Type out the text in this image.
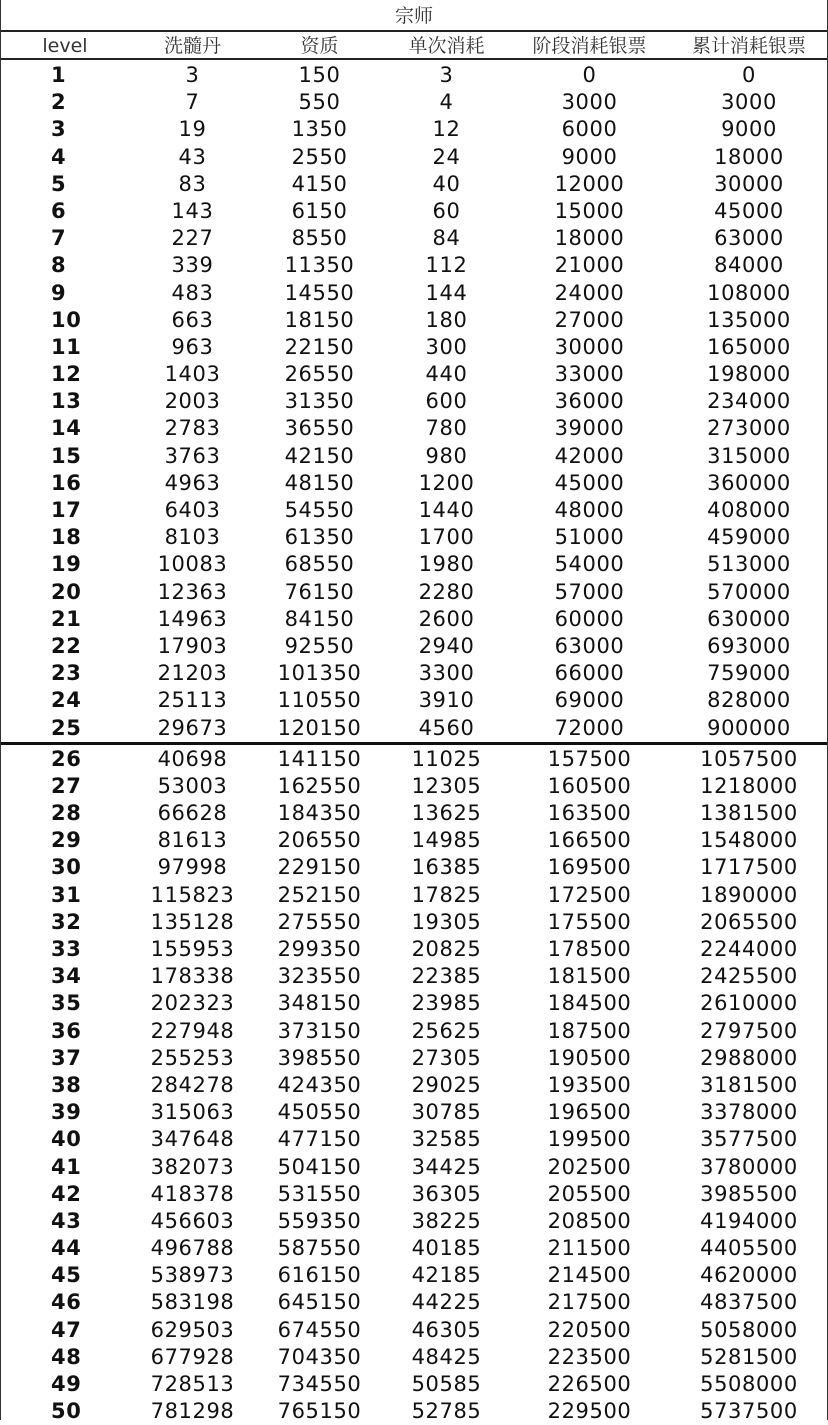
宗师
level	洗髓丹	资质	单次消耗	阶段消耗银票	累计消耗银票
1	3	150	3	0	0
2	7	550	4	3000	3000
3	19	1350	12	6000	9000
4	43	2550	24	9000	18000
5	83	4150	40	12000	30000
6	143	6150	60	15000	45000
7	227	8550	84	18000	63000
8	339	11350	112	21000	84000
9	483	14550	144	24000	108000
10	663	18150	180	27000	135000
11	963	22150	300	30000	165000
12	1403	26550	440	33000	198000
13	2003	31350	600	36000	234000
14	2783	36550	780	39000	273000
15	3763	42150	980	42000	315000
16	4963	48150	1200	45000	360000
17	6403	54550	1440	48000	408000
18	8103	61350	1700	51000	459000
19	10083	68550	1980	54000	513000
20	12363	76150	2280	57000	570000
21	14963	84150	2600	60000	630000
22	17903	92550	2940	63000	693000
23	21203	101350	3300	66000	759000
24	25113	110550	3910	69000	828000
25	29673	120150	4560	72000	900000
26	40698	141150	11025	157500	1057500
27	53003	162550	12305	160500	1218000
28	66628	184350	13625	163500	1381500
29	81613	206550	14985	166500	1548000
30	97998	229150	16385	169500	1717500
31	115823	252150	17825	172500	1890000
32	135128	275550	19305	175500	2065500
33	155953	299350	20825	178500	2244000
34	178338	323550	22385	181500	2425500
35	202323	348150	23985	184500	2610000
36	227948	373150	25625	187500	2797500
37	255253	398550	27305	190500	2988000
38	284278	424350	29025	193500	3181500
39	315063	450550	30785	196500	3378000
40	347648	477150	32585	199500	3577500
41	382073	504150	34425	202500	3780000
42	418378	531550	36305	205500	3985500
43	456603	559350	38225	208500	4194000
44	496788	587550	40185	211500	4405500
45	538973	616150	42185	214500	4620000
46	583198	645150	44225	217500	4837500
47	629503	674550	46305	220500	5058000
48	677928	704350	48425	223500	5281500
49	728513	734550	50585	226500	5508000
50	781298	765150	52785	229500	5737500
